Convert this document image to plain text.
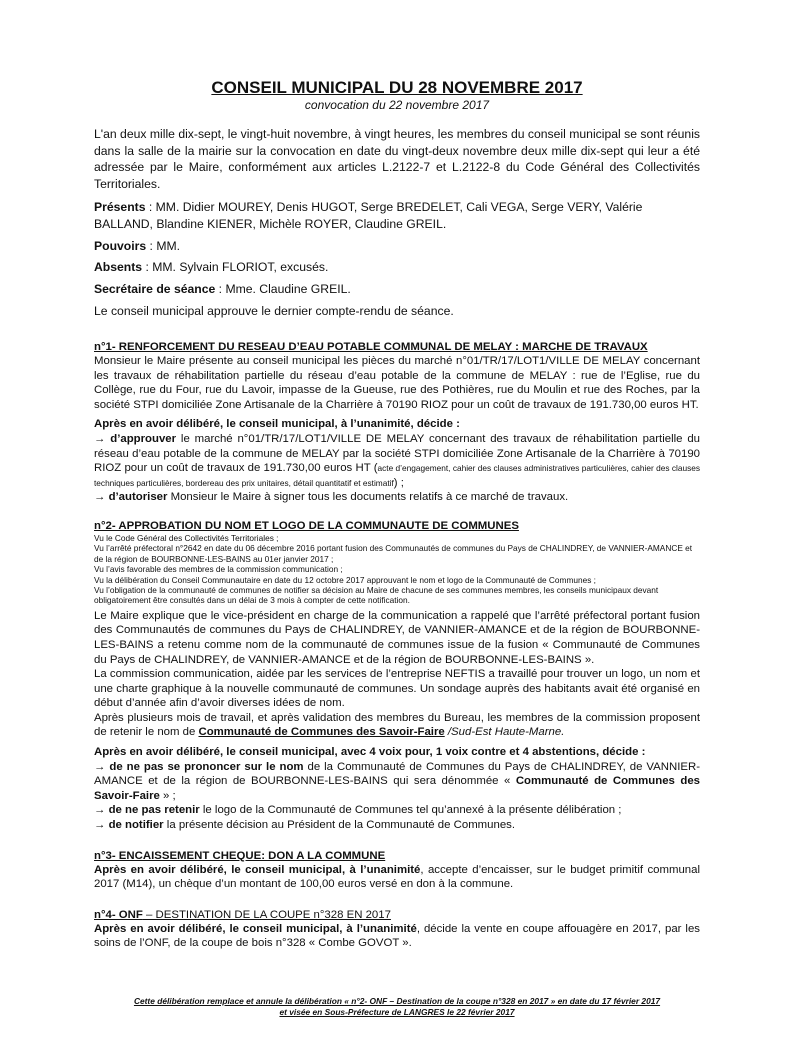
CONSEIL MUNICIPAL DU 28 NOVEMBRE 2017

convocation du 22 novembre 2017

L'an deux mille dix-sept, le vingt-huit novembre, à vingt heures, les membres du conseil municipal se sont réunis dans la salle de la mairie sur la convocation en date du vingt-deux novembre deux mille dix-sept qui leur a été adressée par le Maire, conformément aux articles L.2122-7 et L.2122-8 du Code Général des Collectivités Territoriales.

Présents : MM. Didier MOUREY, Denis HUGOT, Serge BREDELET, Cali VEGA, Serge VERY, Valérie BALLAND, Blandine KIENER, Michèle ROYER, Claudine GREIL.

Pouvoirs : MM.

Absents : MM. Sylvain FLORIOT, excusés.

Secrétaire de séance : Mme. Claudine GREIL.

Le conseil municipal approuve le dernier compte-rendu de séance.

n°1- RENFORCEMENT DU RESEAU D’EAU POTABLE COMMUNAL DE MELAY : MARCHE DE TRAVAUX

Monsieur le Maire présente au conseil municipal les pièces du marché n°01/TR/17/LOT1/VILLE DE MELAY concernant les travaux de réhabilitation partielle du réseau d’eau potable de la commune de MELAY : rue de l’Eglise, rue du Collège, rue du Four, rue du Lavoir, impasse de la Gueuse, rue des Pothières, rue du Moulin et rue des Roches, par la société STPI domiciliée Zone Artisanale de la Charrière à 70190 RIOZ pour un coût de travaux de 191.730,00 euros HT.

Après en avoir délibéré, le conseil municipal, à l’unanimité, décide :

→ d’approuver le marché n°01/TR/17/LOT1/VILLE DE MELAY concernant des travaux de réhabilitation partielle du réseau d’eau potable de la commune de MELAY par la société STPI domiciliée Zone Artisanale de la Charrière à 70190 RIOZ pour un coût de travaux de 191.730,00 euros HT (acte d’engagement, cahier des clauses administratives particulières, cahier des clauses techniques particulières, bordereau des prix unitaires, détail quantitatif et estimatif) ;

→ d’autoriser Monsieur le Maire à signer tous les documents relatifs à ce marché de travaux.

n°2- APPROBATION DU NOM ET LOGO DE LA COMMUNAUTE DE COMMUNES

Vu le Code Général des Collectivités Territoriales ;

Vu l’arrêté préfectoral n°2642 en date du 06 décembre 2016 portant fusion des Communautés de communes du Pays de CHALINDREY, de VANNIER-AMANCE et de la région de BOURBONNE-LES-BAINS au 01er janvier 2017 ;

Vu l’avis favorable des membres de la commission communication ;

Vu la délibération du Conseil Communautaire en date du 12 octobre 2017 approuvant le nom et logo de la Communauté de Communes ;

Vu l’obligation de la communauté de communes de notifier sa décision au Maire de chacune de ses communes membres, les conseils municipaux devant obligatoirement être consultés dans un délai de 3 mois à compter de cette notification.

Le Maire explique que le vice-président en charge de la communication a rappelé que l’arrêté préfectoral portant fusion des Communautés de communes du Pays de CHALINDREY, de VANNIER-AMANCE et de la région de BOURBONNE-LES-BAINS a retenu comme nom de la communauté de communes issue de la fusion « Communauté de Communes du Pays de CHALINDREY, de VANNIER-AMANCE et de la région de BOURBONNE-LES-BAINS ».

La commission communication, aidée par les services de l’entreprise NEFTIS a travaillé pour trouver un logo, un nom et une charte graphique à la nouvelle communauté de communes. Un sondage auprès des habitants avait été organisé en début d’année afin d’avoir diverses idées de nom.

Après plusieurs mois de travail, et après validation des membres du Bureau, les membres de la commission proposent de retenir le nom de Communauté de Communes des Savoir-Faire /Sud-Est Haute-Marne.

Après en avoir délibéré, le conseil municipal, avec 4 voix pour, 1 voix contre et 4 abstentions, décide :

→ de ne pas se prononcer sur le nom de la Communauté de Communes du Pays de CHALINDREY, de VANNIER-AMANCE et de la région de BOURBONNE-LES-BAINS qui sera dénommée « Communauté de Communes des Savoir-Faire » ;

→ de ne pas retenir le logo de la Communauté de Communes tel qu’annexé à la présente délibération ;

→ de notifier la présente décision au Président de la Communauté de Communes.

n°3- ENCAISSEMENT CHEQUE: DON A LA COMMUNE

Après en avoir délibéré, le conseil municipal, à l’unanimité, accepte d’encaisser, sur le budget primitif communal 2017 (M14), un chèque d’un montant de 100,00 euros versé en don à la commune.

n°4- ONF – DESTINATION DE LA COUPE n°328 EN 2017

Après en avoir délibéré, le conseil municipal, à l’unanimité, décide la vente en coupe affouagère en 2017, par les soins de l’ONF, de la coupe de bois n°328 « Combe GOVOT ».

Cette délibération remplace et annule la délibération « n°2- ONF – Destination de la coupe n°328 en 2017 » en date du 17 février 2017
et visée en Sous-Préfecture de LANGRES le 22 février 2017
